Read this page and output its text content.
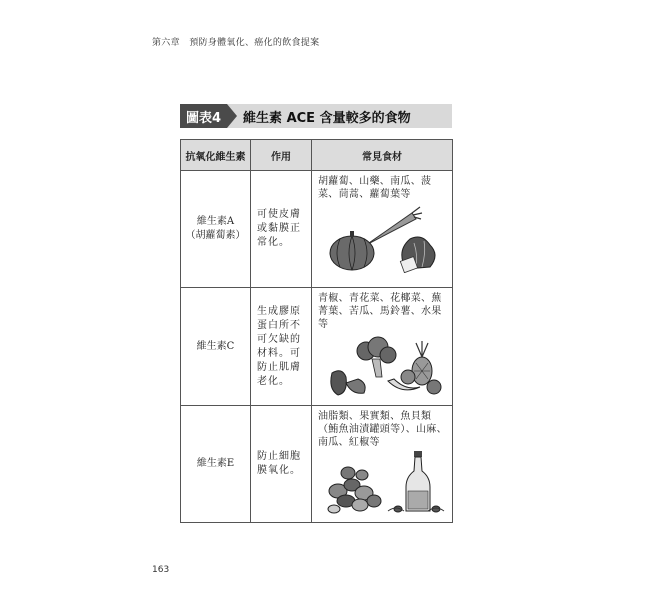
第六章　預防身體氧化、癌化的飲食提案
圖表4	維生素 ACE 含量較多的食物
抗氧化維生素	作用	常見食材

維生素A
（胡蘿蔔素）	可使皮膚或黏膜正常化。	胡蘿蔔、山藥、南瓜、菠菜、茼蒿、蘿蔔葉等

維生素C	生成膠原蛋白所不可欠缺的材料。可防止肌膚老化。	青椒、青花菜、花椰菜、蕪菁葉、苦瓜、馬鈴薯、水果等

維生素E	防止細胞膜氧化。	油脂類、果實類、魚貝類（鮪魚油漬罐頭等）、山麻、南瓜、紅椒等
163
